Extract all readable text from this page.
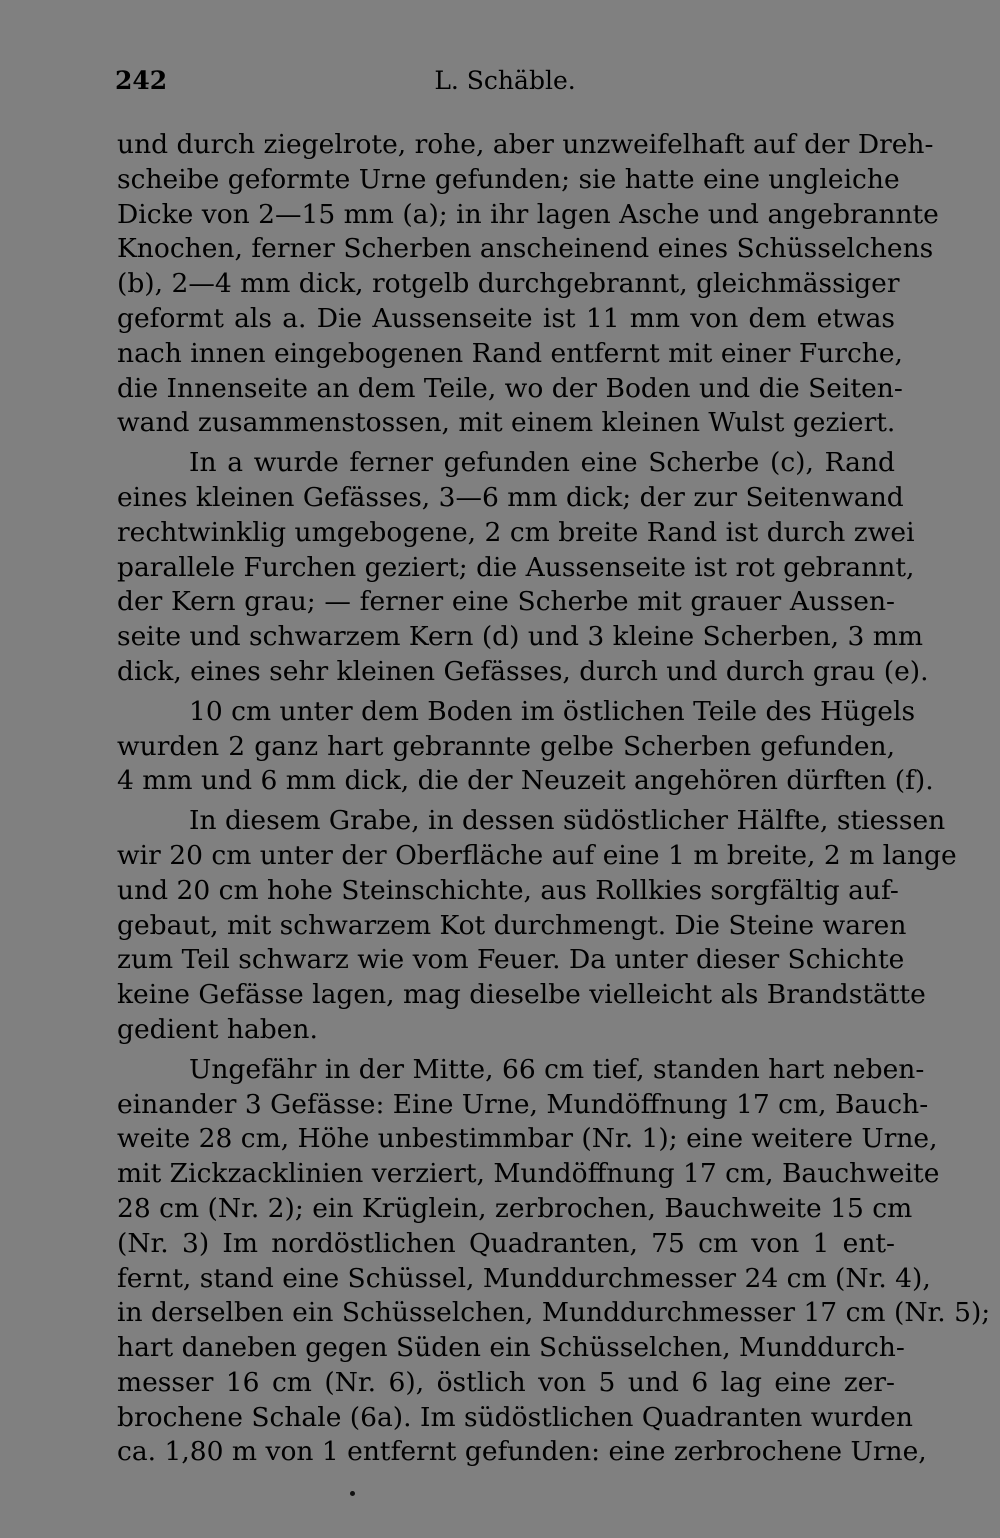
242	L. Schäble.
und durch ziegelrote, rohe, aber unzweifelhaft auf der Dreh-
scheibe geformte Urne gefunden; sie hatte eine ungleiche
Dicke von 2—15 mm (a); in ihr lagen Asche und angebrannte
Knochen, ferner Scherben anscheinend eines Schüsselchens
(b), 2—4 mm dick, rotgelb durchgebrannt, gleichmässiger
geformt als a. Die Aussenseite ist 11 mm von dem etwas
nach innen eingebogenen Rand entfernt mit einer Furche,
die Innenseite an dem Teile, wo der Boden und die Seiten-
wand zusammenstossen, mit einem kleinen Wulst geziert.
In a wurde ferner gefunden eine Scherbe (c), Rand
eines kleinen Gefässes, 3—6 mm dick; der zur Seitenwand
rechtwinklig umgebogene, 2 cm breite Rand ist durch zwei
parallele Furchen geziert; die Aussenseite ist rot gebrannt,
der Kern grau; — ferner eine Scherbe mit grauer Aussen-
seite und schwarzem Kern (d) und 3 kleine Scherben, 3 mm
dick, eines sehr kleinen Gefässes, durch und durch grau (e).
10 cm unter dem Boden im östlichen Teile des Hügels
wurden 2 ganz hart gebrannte gelbe Scherben gefunden,
4 mm und 6 mm dick, die der Neuzeit angehören dürften (f).
In diesem Grabe, in dessen südöstlicher Hälfte, stiessen
wir 20 cm unter der Oberfläche auf eine 1 m breite, 2 m lange
und 20 cm hohe Steinschichte, aus Rollkies sorgfältig auf-
gebaut, mit schwarzem Kot durchmengt. Die Steine waren
zum Teil schwarz wie vom Feuer. Da unter dieser Schichte
keine Gefässe lagen, mag dieselbe vielleicht als Brandstätte
gedient haben.
Ungefähr in der Mitte, 66 cm tief, standen hart neben-
einander 3 Gefässe: Eine Urne, Mundöffnung 17 cm, Bauch-
weite 28 cm, Höhe unbestimmbar (Nr. 1); eine weitere Urne,
mit Zickzacklinien verziert, Mundöffnung 17 cm, Bauchweite
28 cm (Nr. 2); ein Krüglein, zerbrochen, Bauchweite 15 cm
(Nr. 3) Im nordöstlichen Quadranten, 75 cm von 1 ent-
fernt, stand eine Schüssel, Munddurchmesser 24 cm (Nr. 4),
in derselben ein Schüsselchen, Munddurchmesser 17 cm (Nr. 5);
hart daneben gegen Süden ein Schüsselchen, Munddurch-
messer 16 cm (Nr. 6), östlich von 5 und 6 lag eine zer-
brochene Schale (6a). Im südöstlichen Quadranten wurden
ca. 1,80 m von 1 entfernt gefunden: eine zerbrochene Urne,
